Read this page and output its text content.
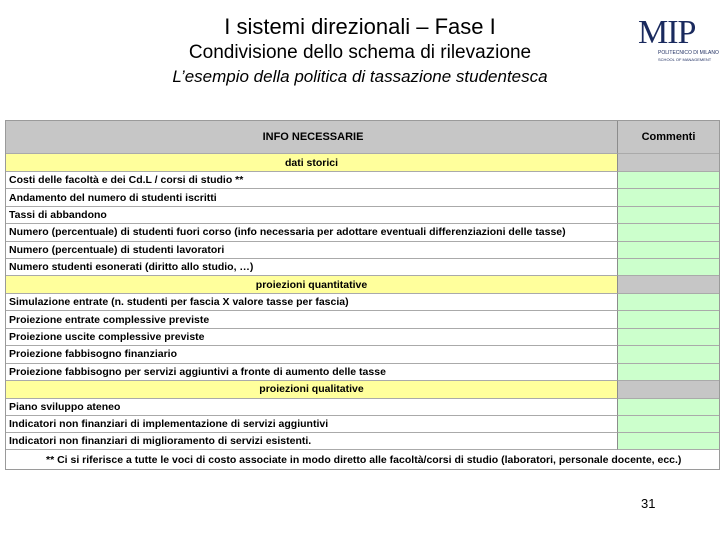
I sistemi direzionali – Fase I
Condivisione dello schema di rilevazione
L’esempio della politica di tassazione studentesca
MIP
POLITECNICO DI MILANO
SCHOOL OF MANAGEMENT
INFO NECESSARIE	Commenti
dati storici
Costi delle facoltà e dei Cd.L / corsi di studio **
Andamento del numero di studenti iscritti
Tassi di abbandono
Numero (percentuale) di studenti fuori corso (info necessaria per adottare eventuali differenziazioni delle tasse)
Numero (percentuale) di studenti lavoratori
Numero studenti esonerati (diritto allo studio, …)
proiezioni quantitative
Simulazione entrate (n. studenti per fascia X valore tasse per fascia)
Proiezione entrate complessive previste
Proiezione uscite complessive previste
Proiezione fabbisogno finanziario
Proiezione fabbisogno per servizi aggiuntivi a fronte di aumento delle tasse
proiezioni qualitative
Piano sviluppo ateneo
Indicatori non finanziari di implementazione di servizi aggiuntivi
Indicatori non finanziari di miglioramento di servizi esistenti.
** Ci si riferisce a tutte le voci di costo associate in modo diretto alle facoltà/corsi di studio (laboratori, personale docente, ecc.)
31
